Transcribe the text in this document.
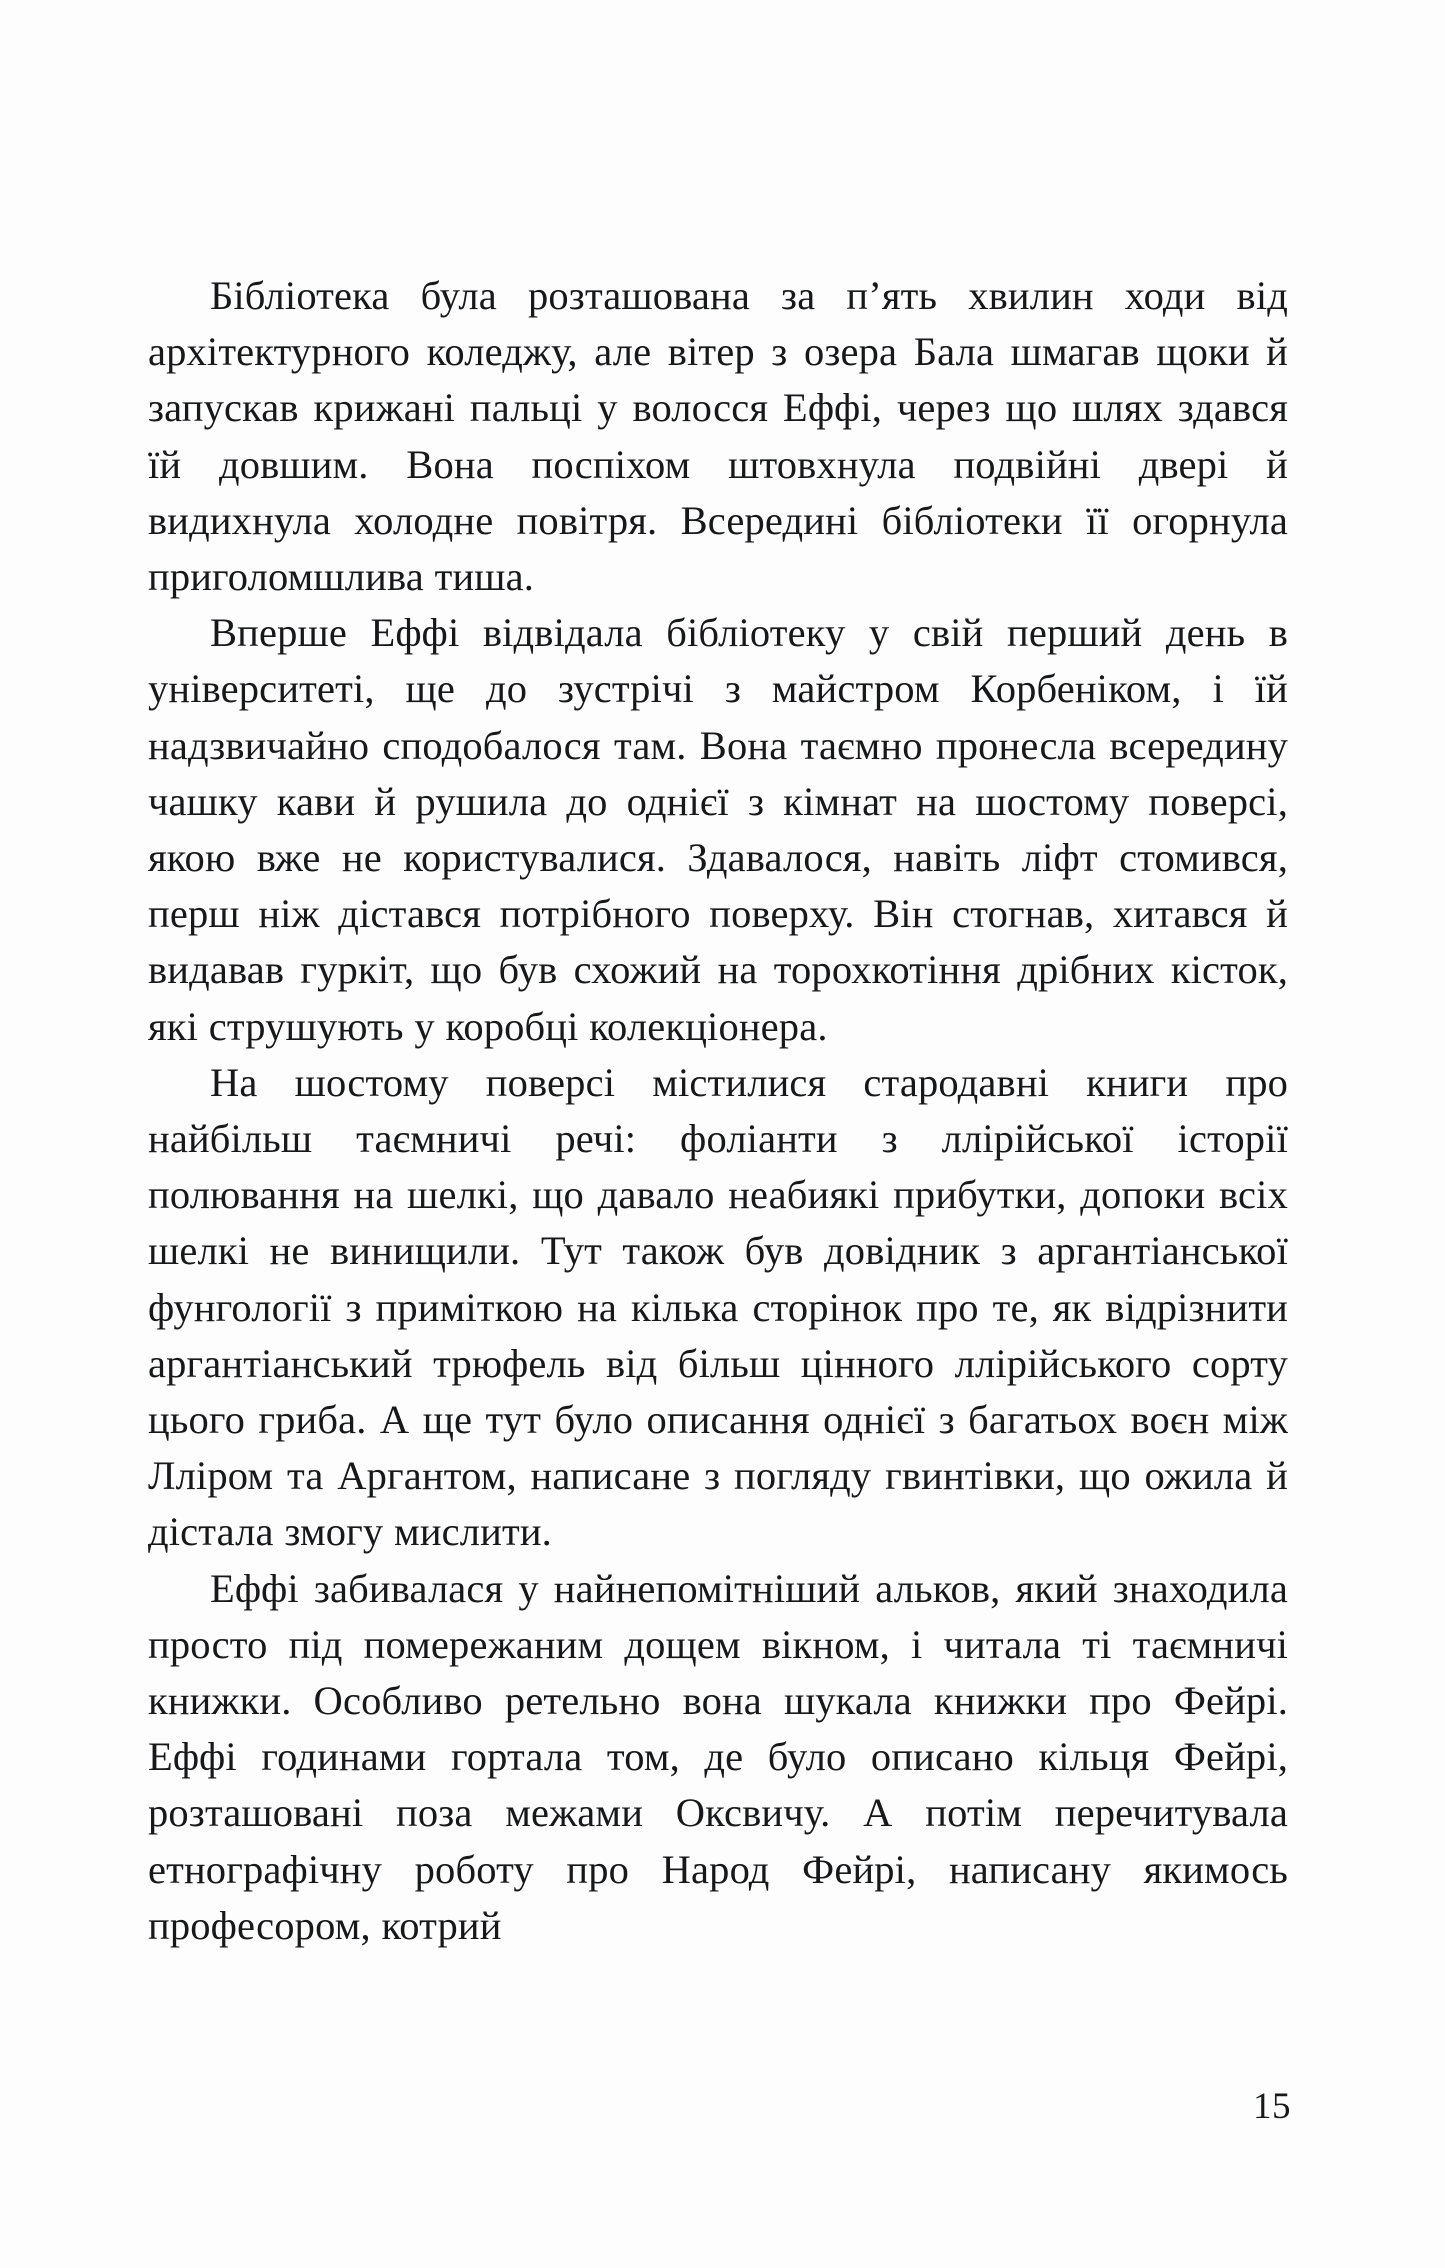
Бібліотека була розташована за п’ять хвилин ходи від архітектурного коледжу, але вітер з озера Бала шмагав щоки й запускав крижані пальці у волосся Еффі, через що шлях здався їй довшим. Вона поспіхом штовхнула подвійні двері й видихнула холодне повітря. Всередині бібліотеки її огорнула приголомшлива тиша.

Вперше Еффі відвідала бібліотеку у свій перший день в університеті, ще до зустрічі з майстром Корбеніком, і їй надзвичайно сподобалося там. Вона таємно пронесла всередину чашку кави й рушила до однієї з кімнат на шостому поверсі, якою вже не користувалися. Здавалося, навіть ліфт стомився, перш ніж дістався потрібного поверху. Він стогнав, хитався й видавав гуркіт, що був схожий на торохкотіння дрібних кісток, які струшують у коробці колекціонера.

На шостому поверсі містилися стародавні книги про найбільш таємничі речі: фоліанти з ллірійської історії полювання на шелкі, що давало неабиякі прибутки, допоки всіх шелкі не винищили. Тут також був довідник з аргантіанської фунгології з приміткою на кілька сторінок про те, як відрізнити аргантіанський трюфель від більш цінного ллірійського сорту цього гриба. А ще тут було описання однієї з багатьох воєн між Лліром та Аргантом, написане з погляду гвинтівки, що ожила й дістала змогу мислити.

Еффі забивалася у найнепомітніший альков, який знаходила просто під помережаним дощем вікном, і читала ті таємничі книжки. Особливо ретельно вона шукала книжки про Фейрі. Еффі годинами гортала том, де було описано кільця Фейрі, розташовані поза межами Оксвичу. А потім перечитувала етнографічну роботу про Народ Фейрі, написану якимось професором, котрий

15
